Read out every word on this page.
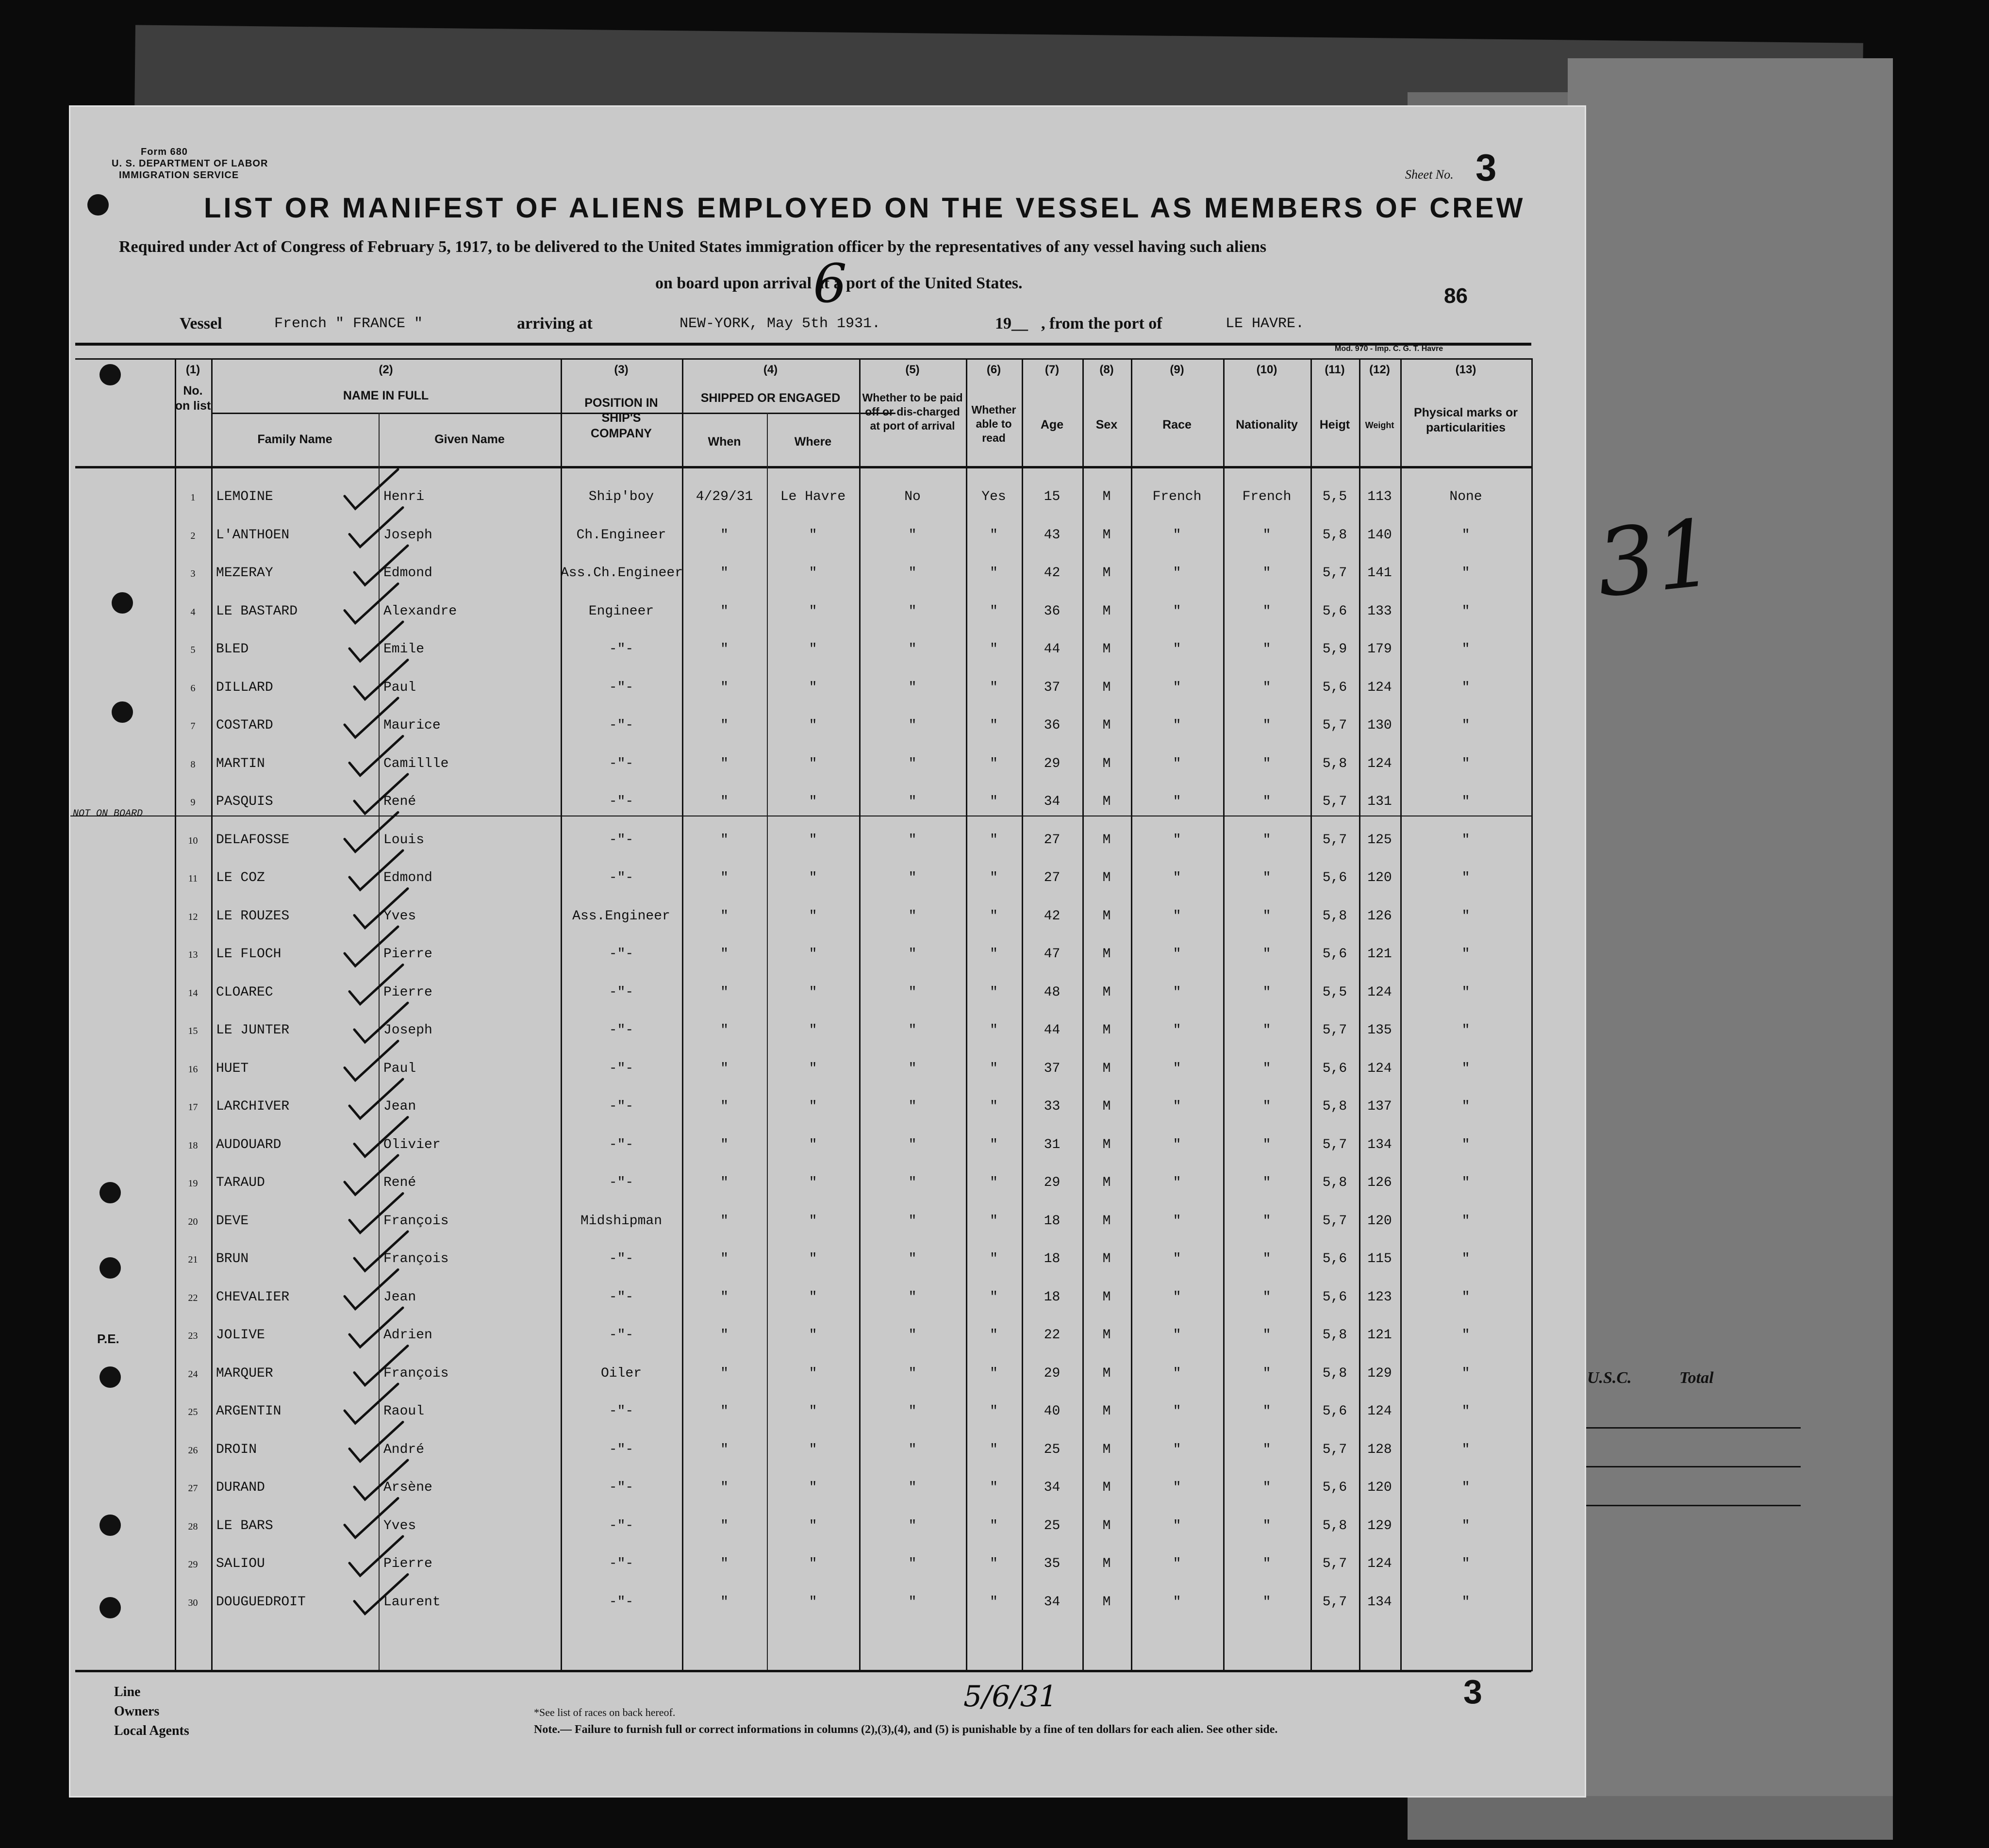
31
U.S.C.	Total
Form 680
U. S. DEPARTMENT OF LABOR
IMMIGRATION SERVICE	Sheet No. 3
LIST OR MANIFEST OF ALIENS EMPLOYED ON THE VESSEL AS MEMBERS OF CREW
Required under Act of Congress of February 5, 1917, to be delivered to the United States immigration officer by the representatives of any vessel having such aliens
on board upon arrival at a port of the United States.
6	86
Vessel	French " FRANCE "	arriving at	NEW-YORK, May 5th 1931.	19__ , from the port of	LE HAVRE.
Mod. 970 - Imp. C. G. T. Havre
(1)
No. on list
(2)
NAME IN FULL
Family Name	Given Name
(3)
POSITION IN SHIP'S COMPANY
(4)
SHIPPED OR ENGAGED
When	Where
(5)
Whether to be paid off or dis-charged at port of arrival
(6)
Whether able to read
(7)
Age
(8)
Sex
(9)
Race
(10)
Nationality
(11)
Heigt
(12)
Weight
(13)
Physical marks or particularities
1	LEMOINE	Henri	Ship'boy	4/29/31	Le Havre	No	Yes	15	M	French	French	5,5	113	None
2	L'ANTHOEN	Joseph	Ch.Engineer	"	"	"	"	43	M	"	"	5,8	140	"
3	MEZERAY	Edmond	Ass.Ch.Engineer	"	"	"	"	42	M	"	"	5,7	141	"
4	LE BASTARD	Alexandre	Engineer	"	"	"	"	36	M	"	"	5,6	133	"
5	BLED	Emile	-"-	"	"	"	"	44	M	"	"	5,9	179	"
6	DILLARD	Paul	-"-	"	"	"	"	37	M	"	"	5,6	124	"
7	COSTARD	Maurice	-"-	"	"	"	"	36	M	"	"	5,7	130	"
8	MARTIN	Camillle	-"-	"	"	"	"	29	M	"	"	5,8	124	"
9	PASQUIS	René	-"-	"	"	"	"	34	M	"	"	5,7	131	"
10	DELAFOSSE	Louis	-"-	"	"	"	"	27	M	"	"	5,7	125	"
11	LE COZ	Edmond	-"-	"	"	"	"	27	M	"	"	5,6	120	"
12	LE ROUZES	Yves	Ass.Engineer	"	"	"	"	42	M	"	"	5,8	126	"
13	LE FLOCH	Pierre	-"-	"	"	"	"	47	M	"	"	5,6	121	"
14	CLOAREC	Pierre	-"-	"	"	"	"	48	M	"	"	5,5	124	"
15	LE JUNTER	Joseph	-"-	"	"	"	"	44	M	"	"	5,7	135	"
16	HUET	Paul	-"-	"	"	"	"	37	M	"	"	5,6	124	"
17	LARCHIVER	Jean	-"-	"	"	"	"	33	M	"	"	5,8	137	"
18	AUDOUARD	Olivier	-"-	"	"	"	"	31	M	"	"	5,7	134	"
19	TARAUD	René	-"-	"	"	"	"	29	M	"	"	5,8	126	"
20	DEVE	François	Midshipman	"	"	"	"	18	M	"	"	5,7	120	"
21	BRUN	François	-"-	"	"	"	"	18	M	"	"	5,6	115	"
22	CHEVALIER	Jean	-"-	"	"	"	"	18	M	"	"	5,6	123	"
23	JOLIVE	Adrien	-"-	"	"	"	"	22	M	"	"	5,8	121	"
24	MARQUER	François	Oiler	"	"	"	"	29	M	"	"	5,8	129	"
25	ARGENTIN	Raoul	-"-	"	"	"	"	40	M	"	"	5,6	124	"
26	DROIN	André	-"-	"	"	"	"	25	M	"	"	5,7	128	"
27	DURAND	Arsène	-"-	"	"	"	"	34	M	"	"	5,6	120	"
28	LE BARS	Yves	-"-	"	"	"	"	25	M	"	"	5,8	129	"
29	SALIOU	Pierre	-"-	"	"	"	"	35	M	"	"	5,7	124	"
30	DOUGUEDROIT	Laurent	-"-	"	"	"	"	34	M	"	"	5,7	134	"
NOT ON BOARD
P.E.
Line
Owners
Local Agents
*See list of races on back hereof.
Note.— Failure to furnish full or correct informations in columns (2),(3),(4), and (5) is punishable by a fine of ten dollars for each alien. See other side.
3
5/6/31
